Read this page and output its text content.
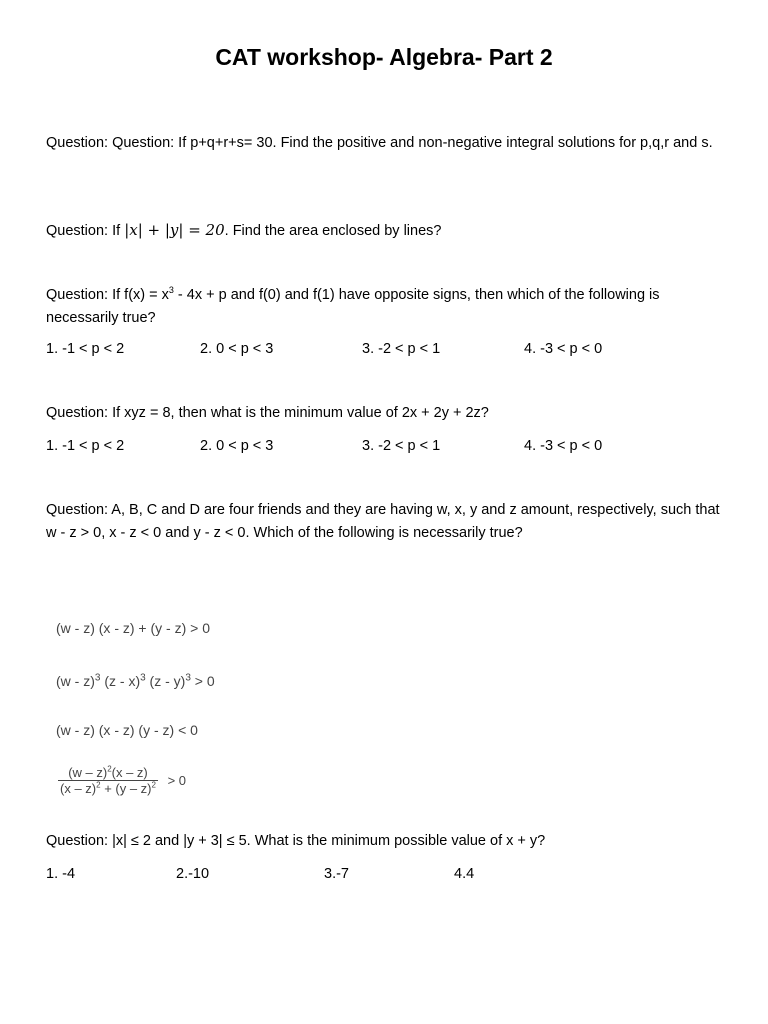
CAT workshop- Algebra- Part 2

Question: Question: If p+q+r+s= 30. Find the positive and non-negative integral solutions for p,q,r and s.

Question: If |x| + |y| = 20. Find the area enclosed by lines?

Question: If $f(x) = x^3 - 4x + p$ and f(0) and f(1) have opposite signs, then which of the following is necessarily true?

1. -1 < p < 2	2. 0 < p < 3	3. -2 < p < 1	4. -3 < p < 0

Question: If xyz = 8, then what is the minimum value of 2x + 2y + 2z?

1. -1 < p < 2	2. 0 < p < 3	3. -2 < p < 1	4. -3 < p < 0

Question: A, B, C and D are four friends and they are having w, x, y and z amount, respectively, such that w - z > 0, x - z < 0 and y - z < 0. Which of the following is necessarily true?

(w - z) (x - z) + (y - z) > 0
(w - z)$^3$ (z - x)$^3$ (z - y)$^3$ > 0
(w - z) (x - z) (y - z) < 0
$\frac{(w - z)^2(x - z)}{(x - z)^2 + (y - z)^2} > 0$

Question: |x| ≤ 2 and |y + 3| ≤ 5. What is the minimum possible value of x + y?

1. -4	2.-10	3.-7	4.4
